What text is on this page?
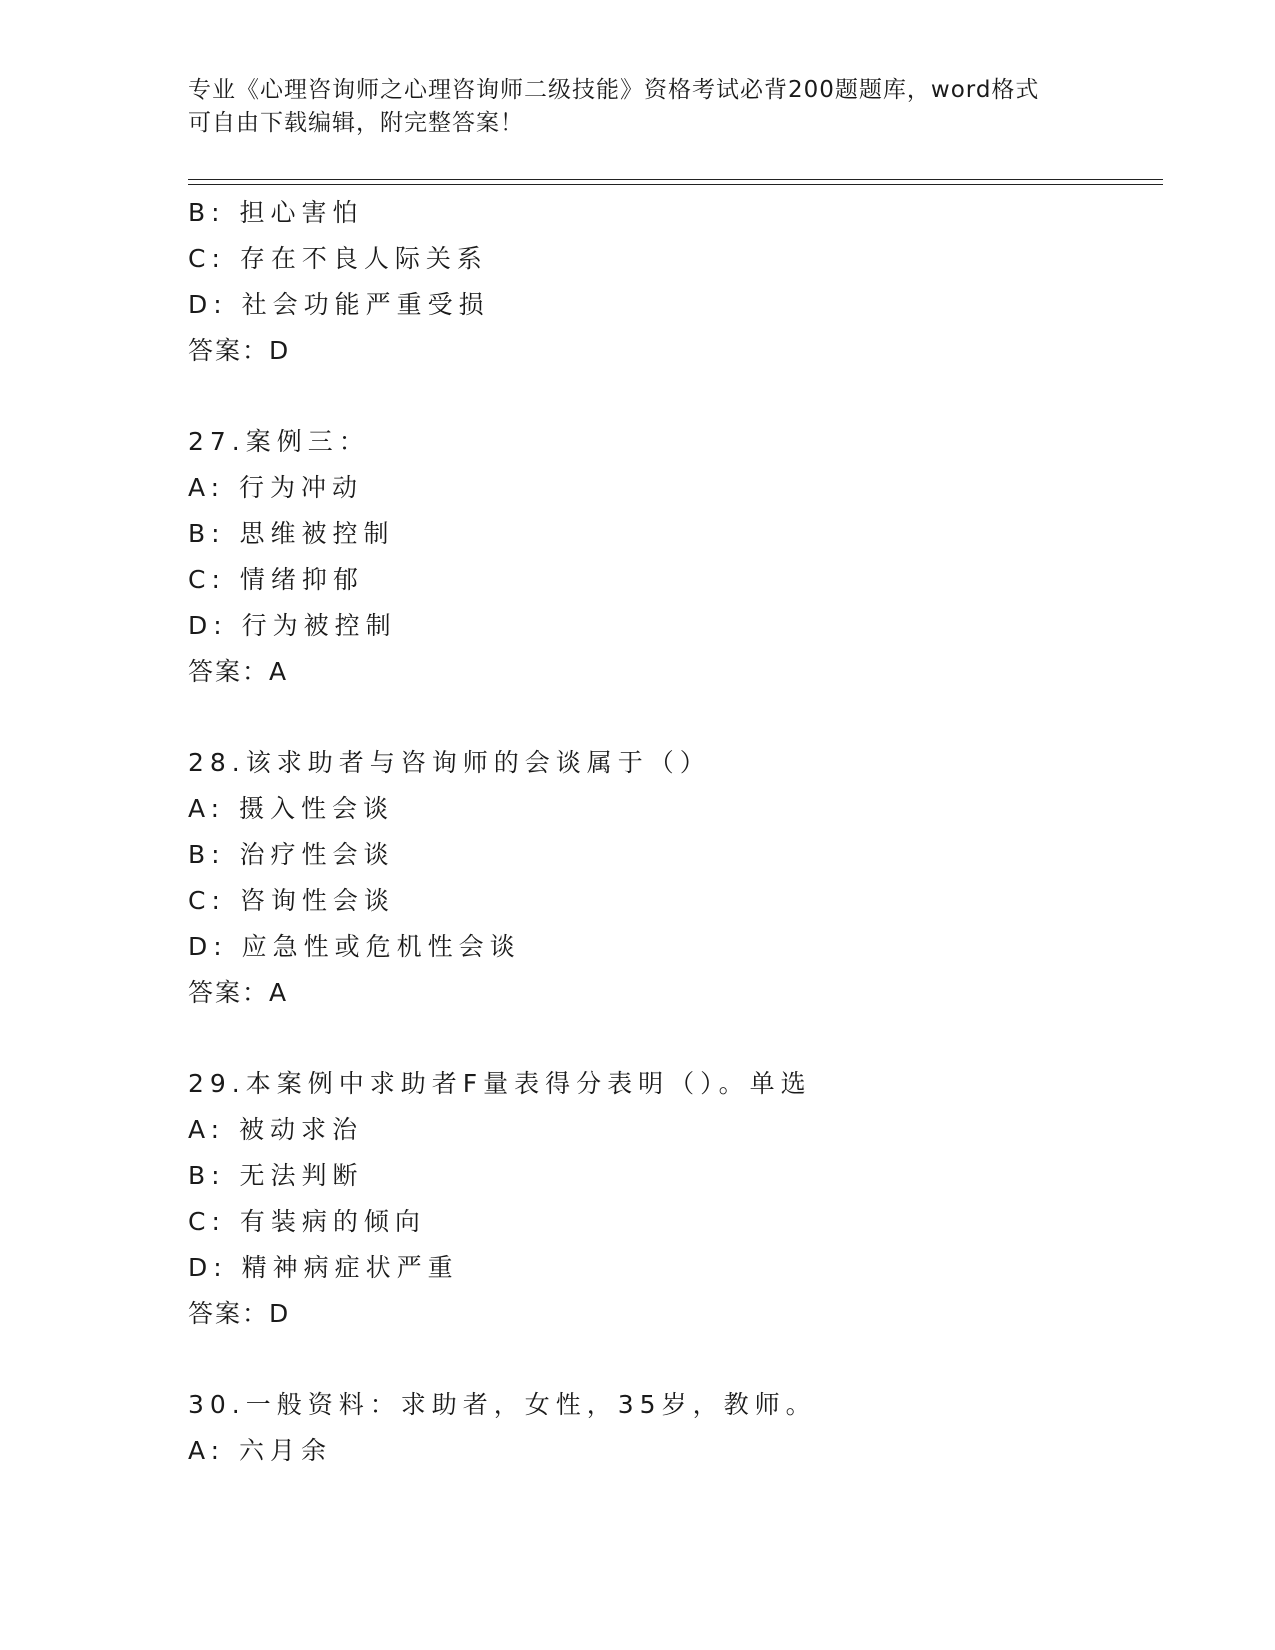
专业《心理咨询师之心理咨询师二级技能》资格考试必背200题题库，word格式
可自由下载编辑，附完整答案！
B: 担心害怕
C: 存在不良人际关系
D: 社会功能严重受损
答案：D
27.案例三：
A: 行为冲动
B: 思维被控制
C: 情绪抑郁
D: 行为被控制
答案：A
28.该求助者与咨询师的会谈属于（）
A: 摄入性会谈
B: 治疗性会谈
C: 咨询性会谈
D: 应急性或危机性会谈
答案：A
29.本案例中求助者F量表得分表明（）。单选
A: 被动求治
B: 无法判断
C: 有装病的倾向
D: 精神病症状严重
答案：D
30.一般资料：求助者，女性，35岁，教师。
A: 六月余
